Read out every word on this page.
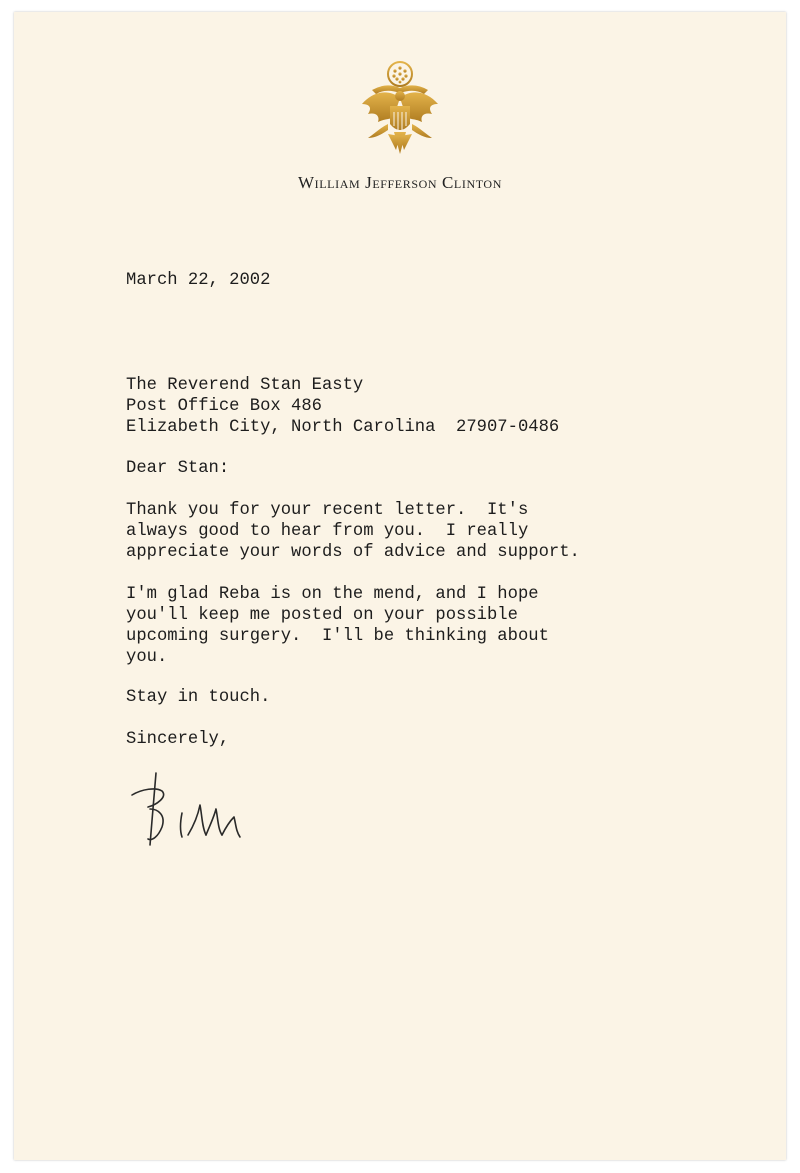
William Jefferson Clinton
March 22, 2002
The Reverend Stan Easty
Post Office Box 486
Elizabeth City, North Carolina  27907-0486
Dear Stan:
Thank you for your recent letter.  It's
always good to hear from you.  I really
appreciate your words of advice and support.
I'm glad Reba is on the mend, and I hope
you'll keep me posted on your possible
upcoming surgery.  I'll be thinking about
you.
Stay in touch.
Sincerely,
